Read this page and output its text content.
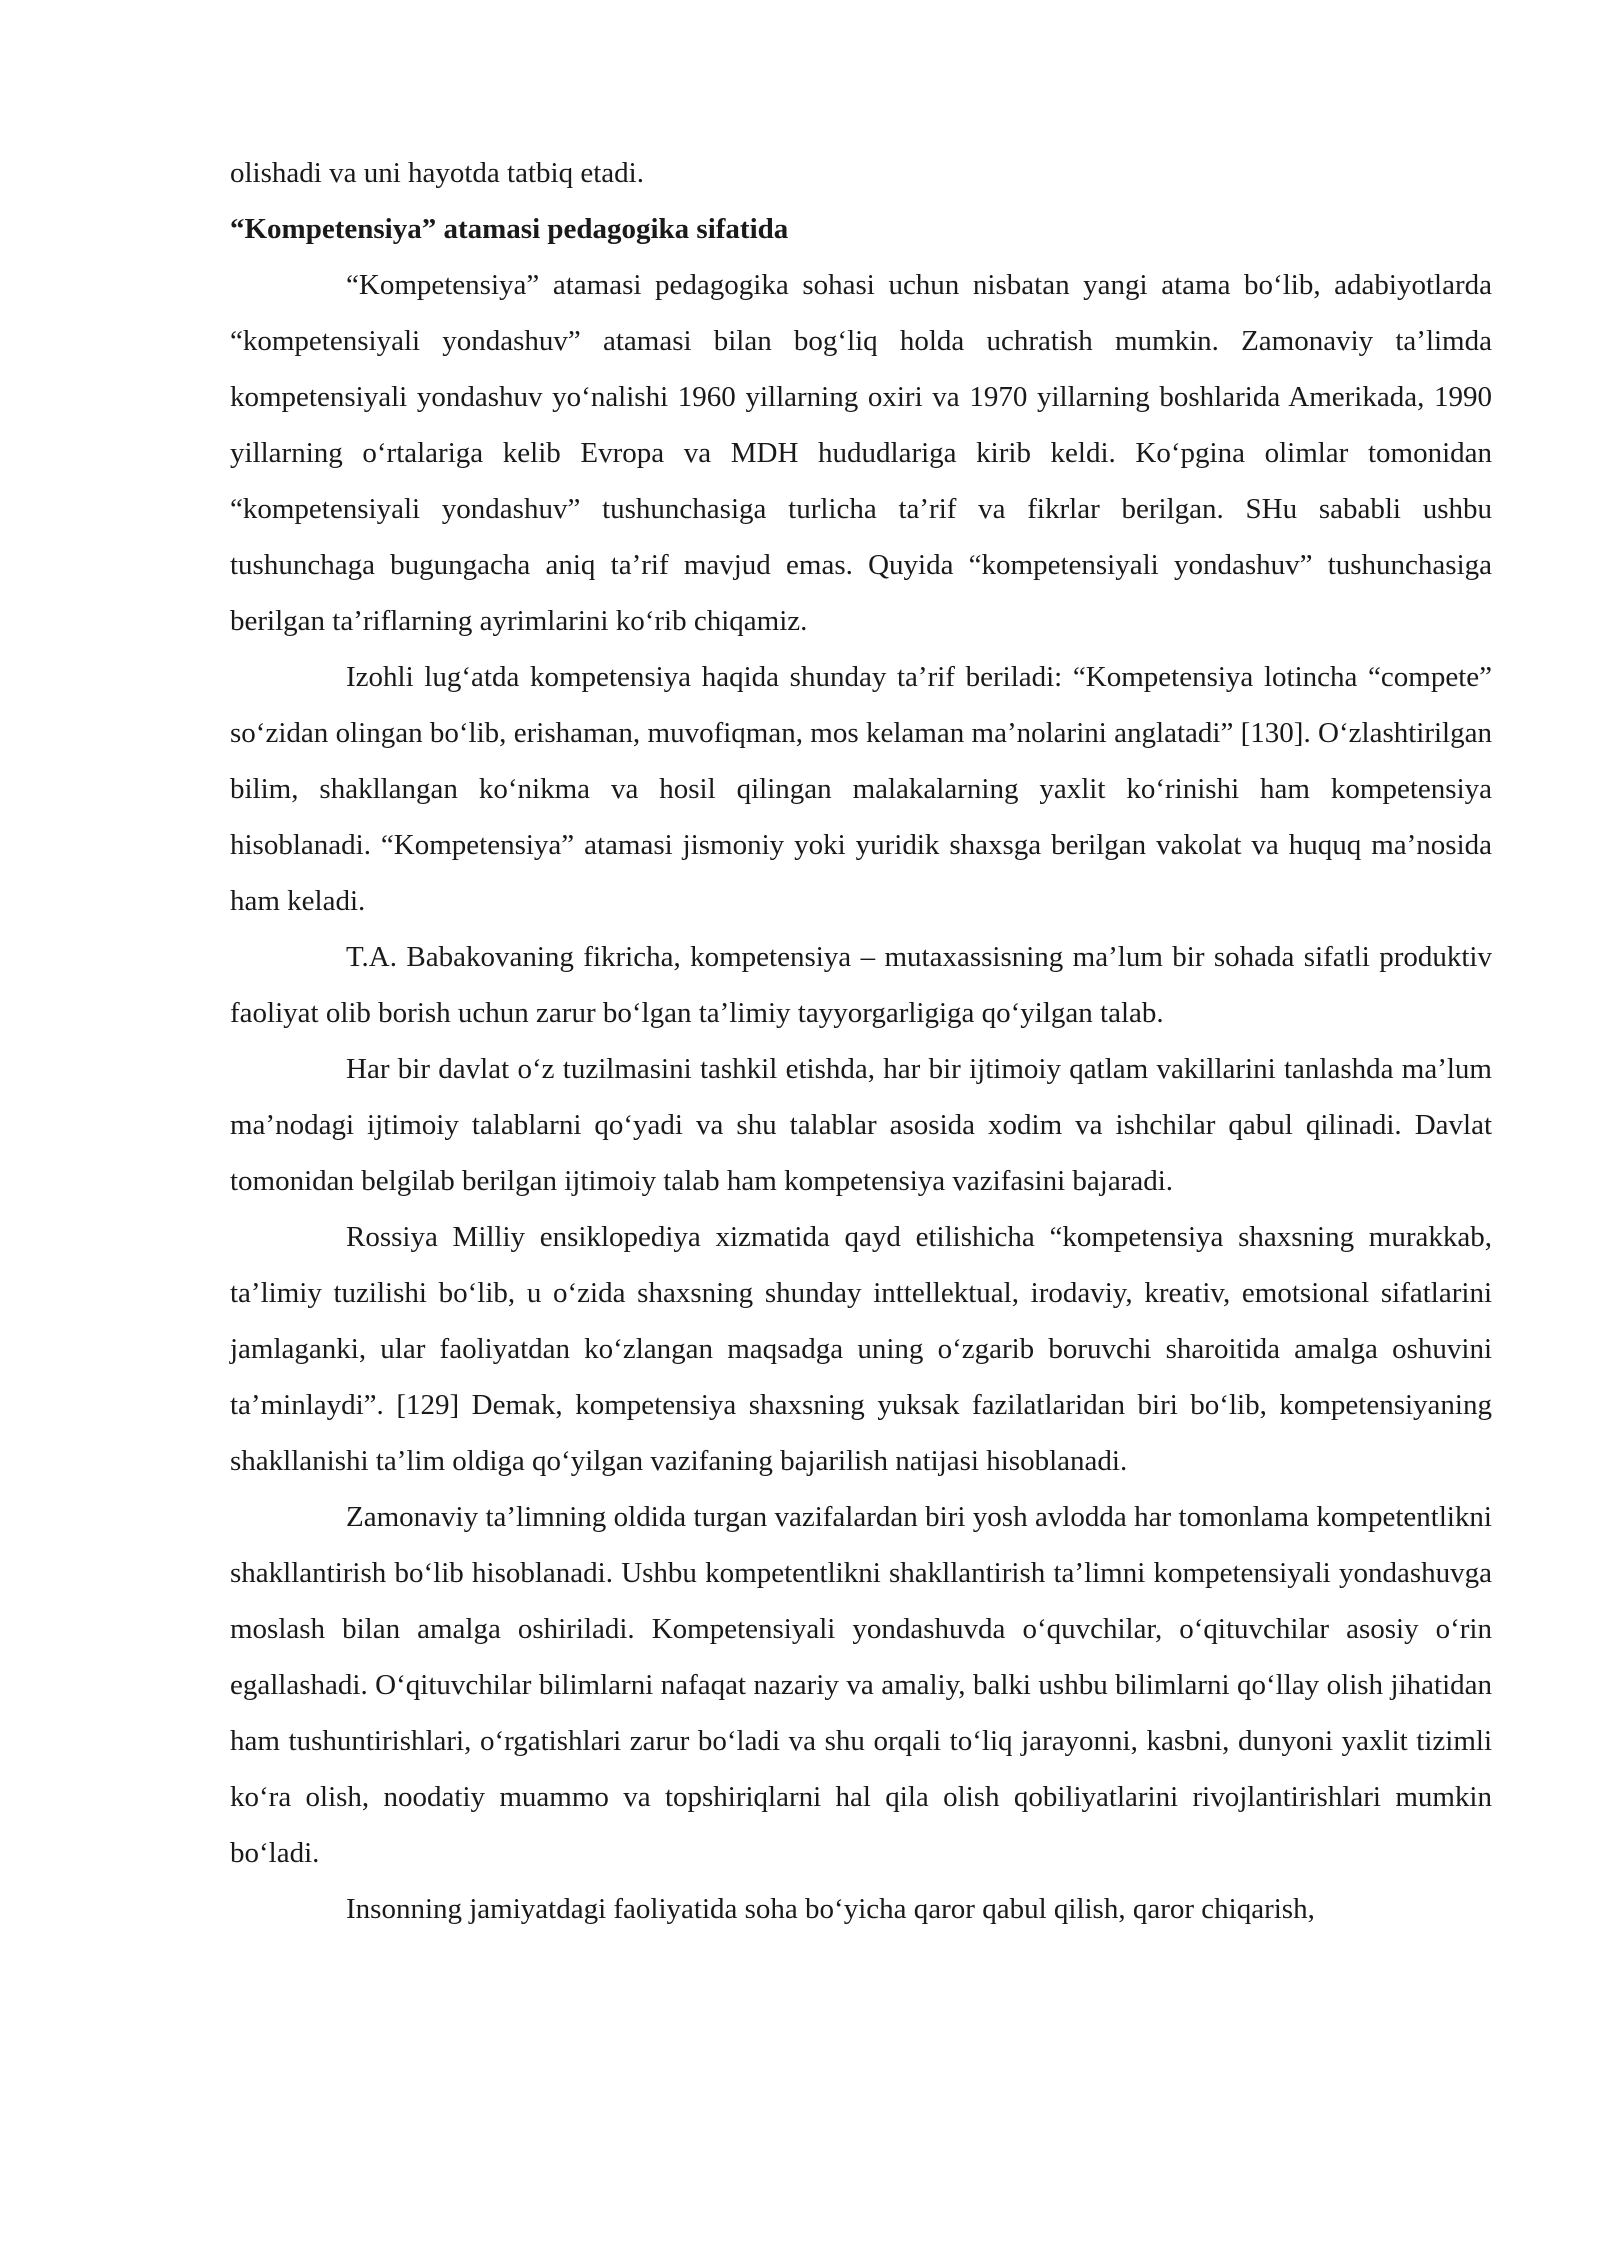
olishadi va uni hayotda tatbiq etadi.

“Kompetensiya” atamasi pedagogika sifatida

“Kompetensiya” atamasi pedagogika sohasi uchun nisbatan yangi atama bo‘lib, adabiyotlarda “kompetensiyali yondashuv” atamasi bilan bog‘liq holda uchratish mumkin. Zamonaviy ta’limda kompetensiyali yondashuv yo‘nalishi 1960 yillarning oxiri va 1970 yillarning boshlarida Amerikada, 1990 yillarning o‘rtalariga kelib Evropa va MDH hududlariga kirib keldi. Ko‘pgina olimlar tomonidan “kompetensiyali yondashuv” tushunchasiga turlicha ta’rif va fikrlar berilgan. SHu sababli ushbu tushunchaga bugungacha aniq ta’rif mavjud emas. Quyida “kompetensiyali yondashuv” tushunchasiga berilgan ta’riflarning ayrimlarini ko‘rib chiqamiz.

Izohli lug‘atda kompetensiya haqida shunday ta’rif beriladi: “Kompetensiya lotincha “compete” so‘zidan olingan bo‘lib, erishaman, muvofiqman, mos kelaman ma’nolarini anglatadi” [130]. O‘zlashtirilgan bilim, shakllangan ko‘nikma va hosil qilingan malakalarning yaxlit ko‘rinishi ham kompetensiya hisoblanadi. “Kompetensiya” atamasi jismoniy yoki yuridik shaxsga berilgan vakolat va huquq ma’nosida ham keladi.

T.A. Babakovaning fikricha, kompetensiya – mutaxassisning ma’lum bir sohada sifatli produktiv faoliyat olib borish uchun zarur bo‘lgan ta’limiy tayyorgarligiga qo‘yilgan talab.

Har bir davlat o‘z tuzilmasini tashkil etishda, har bir ijtimoiy qatlam vakillarini tanlashda ma’lum ma’nodagi ijtimoiy talablarni qo‘yadi va shu talablar asosida xodim va ishchilar qabul qilinadi. Davlat tomonidan belgilab berilgan ijtimoiy talab ham kompetensiya vazifasini bajaradi.

Rossiya Milliy ensiklopediya xizmatida qayd etilishicha “kompetensiya shaxsning murakkab, ta’limiy tuzilishi bo‘lib, u o‘zida shaxsning shunday inttellektual, irodaviy, kreativ, emotsional sifatlarini jamlaganki, ular faoliyatdan ko‘zlangan maqsadga uning o‘zgarib boruvchi sharoitida amalga oshuvini ta’minlaydi”. [129] Demak, kompetensiya shaxsning yuksak fazilatlaridan biri bo‘lib, kompetensiyaning shakllanishi ta’lim oldiga qo‘yilgan vazifaning bajarilish natijasi hisoblanadi.

Zamonaviy ta’limning oldida turgan vazifalardan biri yosh avlodda har tomonlama kompetentlikni shakllantirish bo‘lib hisoblanadi. Ushbu kompetentlikni shakllantirish ta’limni kompetensiyali yondashuvga moslash bilan amalga oshiriladi. Kompetensiyali yondashuvda o‘quvchilar, o‘qituvchilar asosiy o‘rin egallashadi. O‘qituvchilar bilimlarni nafaqat nazariy va amaliy, balki ushbu bilimlarni qo‘llay olish jihatidan ham tushuntirishlari, o‘rgatishlari zarur bo‘ladi va shu orqali to‘liq jarayonni, kasbni, dunyoni yaxlit tizimli ko‘ra olish, noodatiy muammo va topshiriqlarni hal qila olish qobiliyatlarini rivojlantirishlari mumkin bo‘ladi.

Insonning jamiyatdagi faoliyatida soha bo‘yicha qaror qabul qilish, qaror chiqarish,
